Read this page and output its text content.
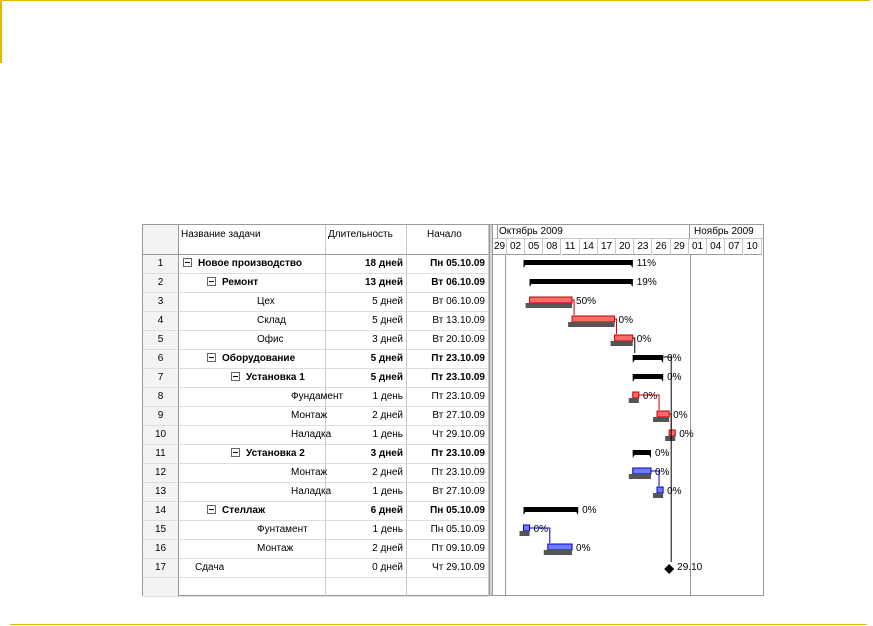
Название задачи	Длительность	Начало
1	Новое производство	18 дней	Пн 05.10.09
2	Ремонт	13 дней	Вт 06.10.09
3	Цех	5 дней	Вт 06.10.09
4	Склад	5 дней	Вт 13.10.09
5	Офис	3 дней	Вт 20.10.09
6	Оборудование	5 дней	Пт 23.10.09
7	Установка 1	5 дней	Пт 23.10.09
8	Фундамент	1 день	Пт 23.10.09
9	Монтаж	2 дней	Вт 27.10.09
10	Наладка	1 день	Чт 29.10.09
11	Установка 2	3 дней	Пт 23.10.09
12	Монтаж	2 дней	Пт 23.10.09
13	Наладка	1 день	Вт 27.10.09
14	Стеллаж	6 дней	Пн 05.10.09
15	Фунтамент	1 день	Пн 05.10.09
16	Монтаж	2 дней	Пт 09.10.09
17	Сдача	0 дней	Чт 29.10.09
Октябрь 2009	Ноябрь 2009
29 02 05 08 11 14 17 20 23 26 29 01 04 07 10
11%
19%
50%
0%
0%
0%
0%
0%
0%
0%
0%
0%
0%
0%
0%
0%
29.10
